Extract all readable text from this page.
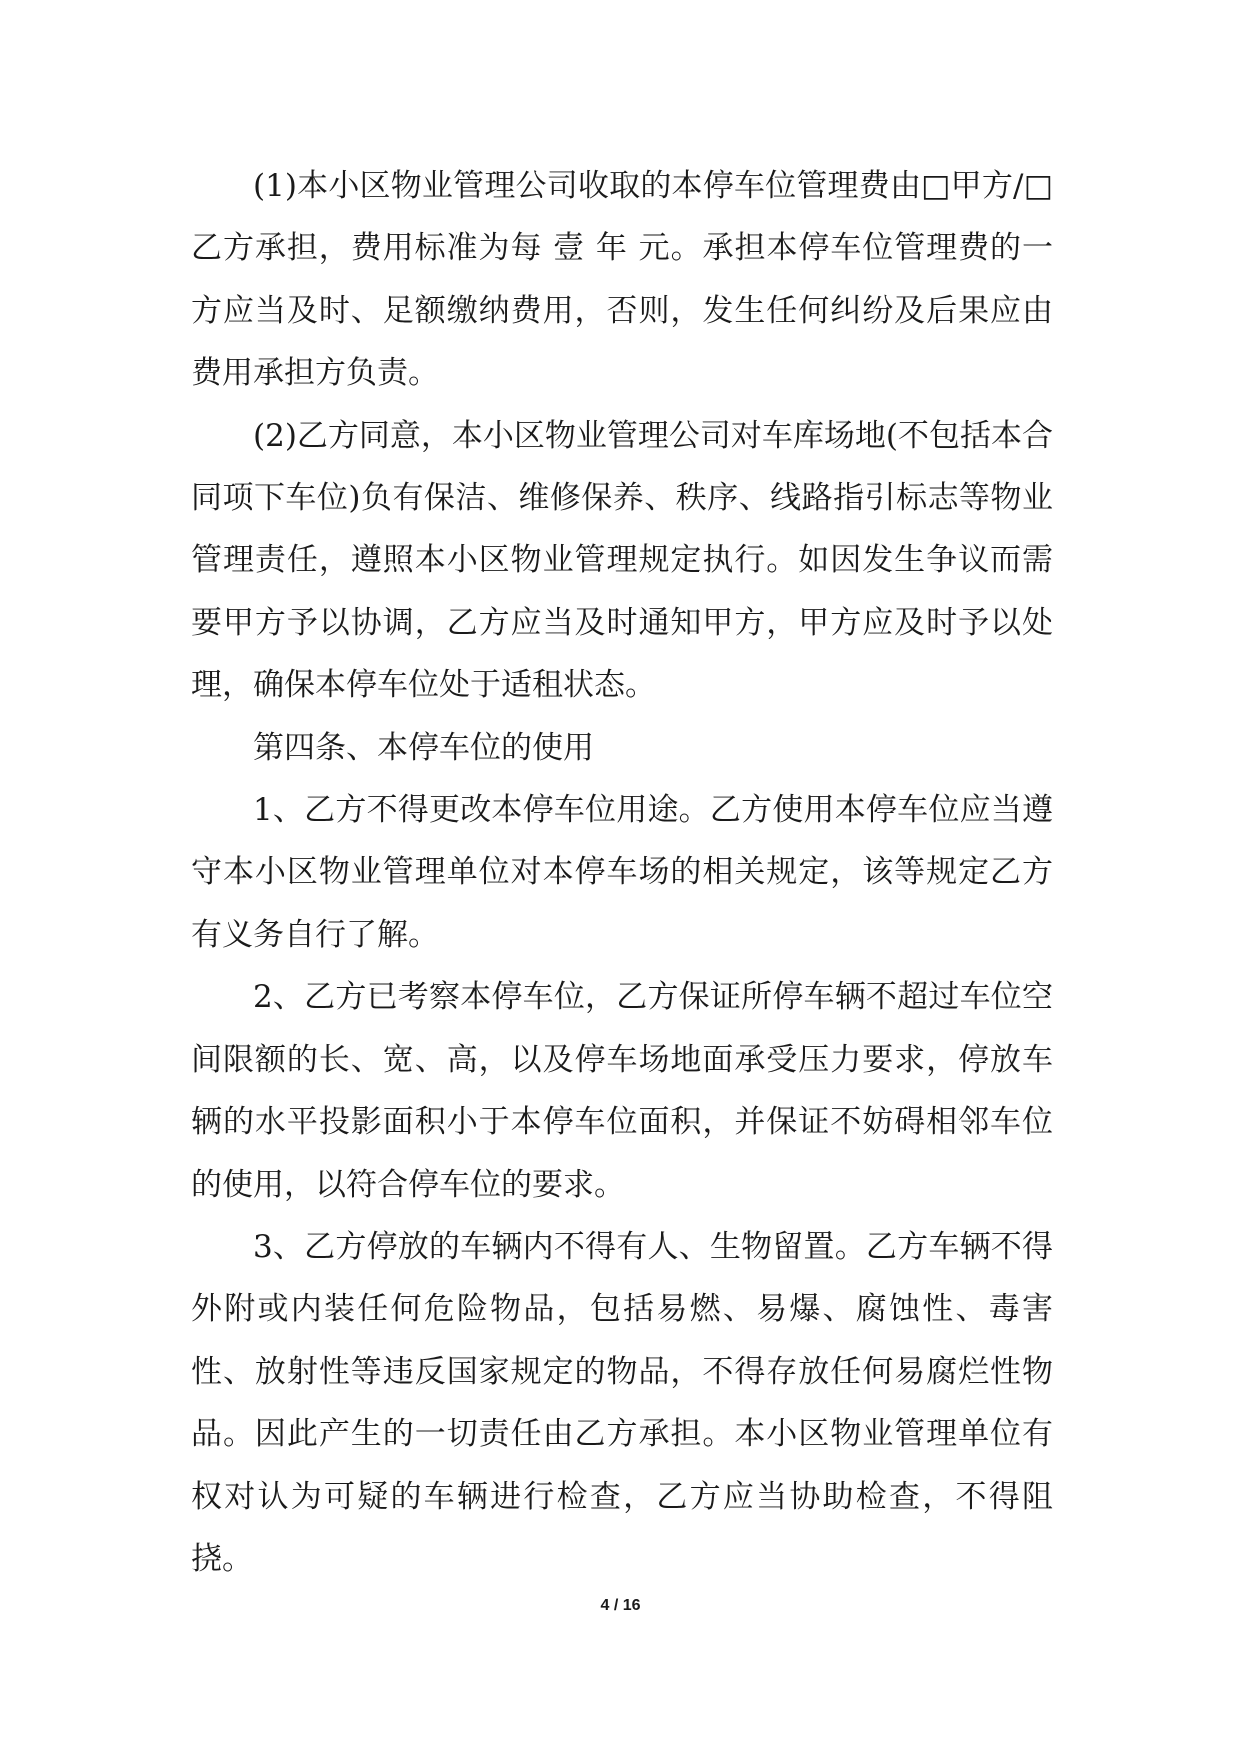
(1)本小区物业管理公司收取的本停车位管理费由□甲方/□乙方承担，费用标准为每 壹 年 元。承担本停车位管理费的一方应当及时、足额缴纳费用，否则，发生任何纠纷及后果应由费用承担方负责。

(2)乙方同意，本小区物业管理公司对车库场地(不包括本合同项下车位)负有保洁、维修保养、秩序、线路指引标志等物业管理责任，遵照本小区物业管理规定执行。如因发生争议而需要甲方予以协调，乙方应当及时通知甲方，甲方应及时予以处理，确保本停车位处于适租状态。

第四条、本停车位的使用

1、乙方不得更改本停车位用途。乙方使用本停车位应当遵守本小区物业管理单位对本停车场的相关规定，该等规定乙方有义务自行了解。

2、乙方已考察本停车位，乙方保证所停车辆不超过车位空间限额的长、宽、高，以及停车场地面承受压力要求，停放车辆的水平投影面积小于本停车位面积，并保证不妨碍相邻车位的使用，以符合停车位的要求。

3、乙方停放的车辆内不得有人、生物留置。乙方车辆不得外附或内装任何危险物品，包括易燃、易爆、腐蚀性、毒害性、放射性等违反国家规定的物品，不得存放任何易腐烂性物品。因此产生的一切责任由乙方承担。本小区物业管理单位有权对认为可疑的车辆进行检查，乙方应当协助检查，不得阻挠。

4 / 16
